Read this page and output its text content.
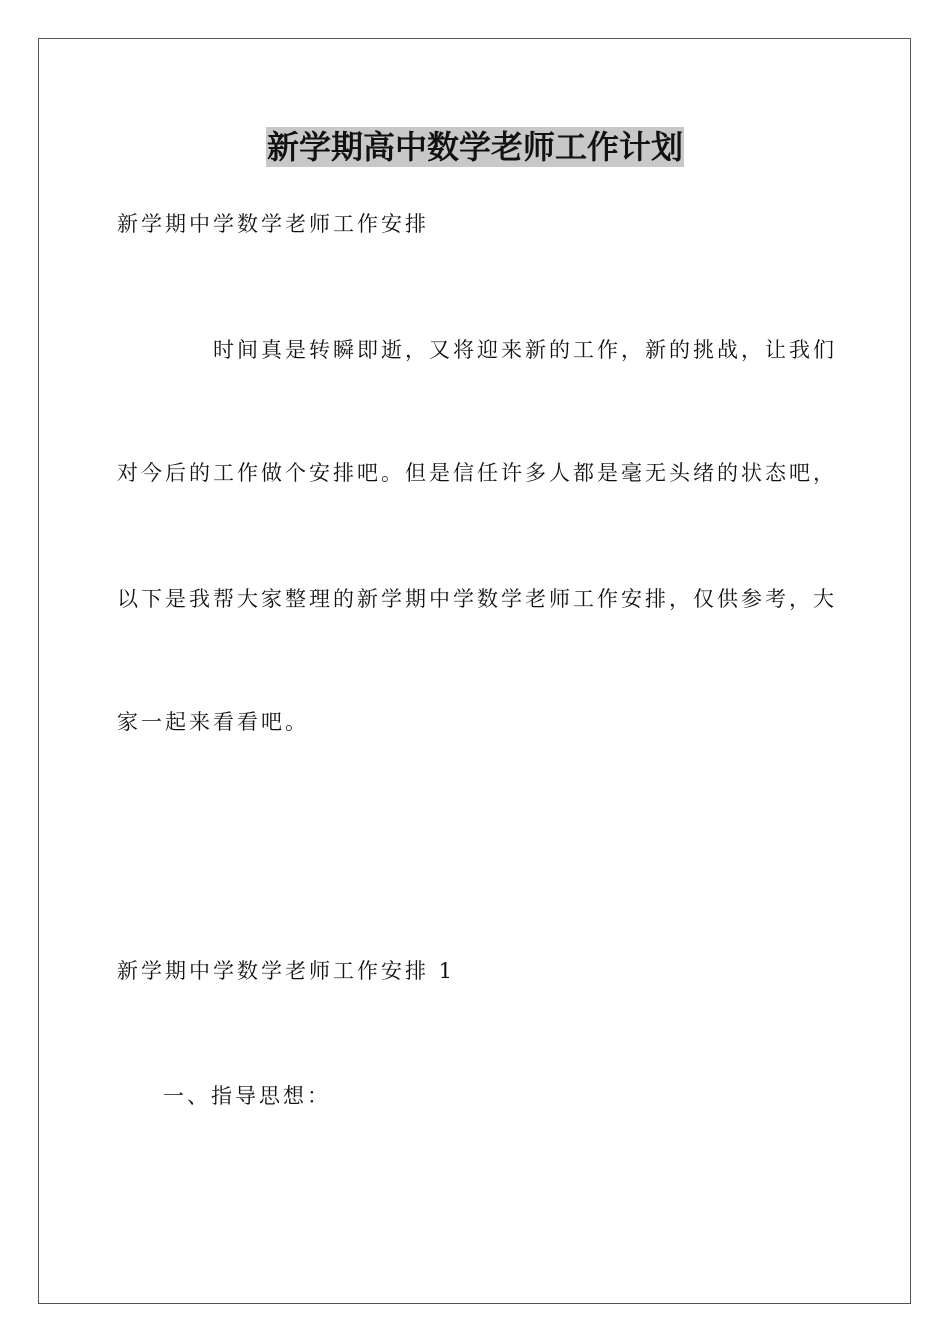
新学期高中数学老师工作计划
新学期中学数学老师工作安排
时间真是转瞬即逝，又将迎来新的工作，新的挑战，让我们
对今后的工作做个安排吧。但是信任许多人都是毫无头绪的状态吧，
以下是我帮大家整理的新学期中学数学老师工作安排，仅供参考，大
家一起来看看吧。
新学期中学数学老师工作安排 1
一、指导思想：
